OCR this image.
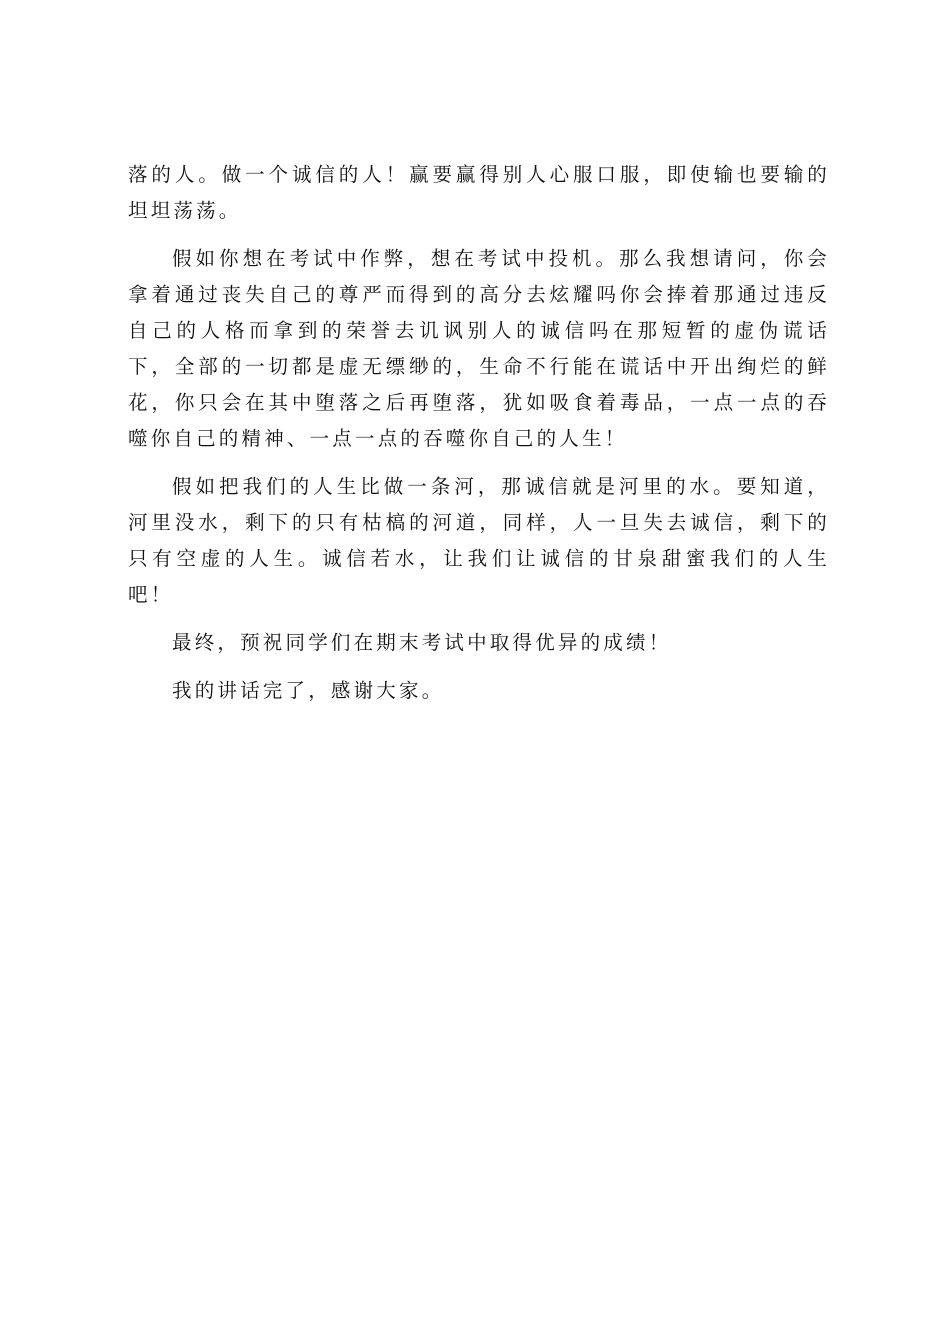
落的人。做一个诚信的人！赢要赢得别人心服口服，即使输也要输的坦坦荡荡。

假如你想在考试中作弊，想在考试中投机。那么我想请问，你会拿着通过丧失自己的尊严而得到的高分去炫耀吗你会捧着那通过违反自己的人格而拿到的荣誉去讥讽别人的诚信吗在那短暂的虚伪谎话下，全部的一切都是虚无缥缈的，生命不行能在谎话中开出绚烂的鲜花，你只会在其中堕落之后再堕落，犹如吸食着毒品，一点一点的吞噬你自己的精神、一点一点的吞噬你自己的人生！

假如把我们的人生比做一条河，那诚信就是河里的水。要知道，河里没水，剩下的只有枯槁的河道，同样，人一旦失去诚信，剩下的只有空虚的人生。诚信若水，让我们让诚信的甘泉甜蜜我们的人生吧！

最终，预祝同学们在期末考试中取得优异的成绩！

我的讲话完了，感谢大家。
